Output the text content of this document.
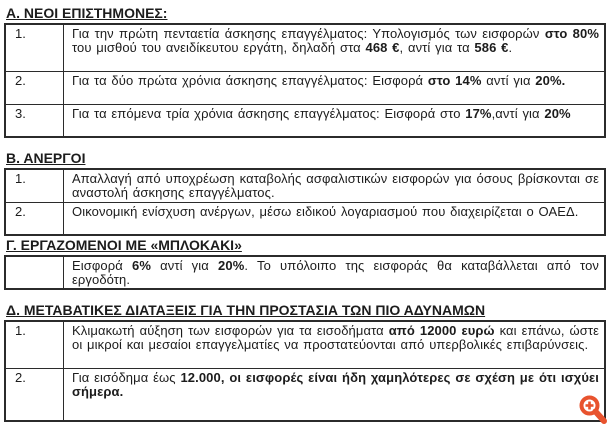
Α. ΝΕΟΙ ΕΠΙΣΤΗΜΟΝΕΣ:
1.	Για την πρώτη πενταετία άσκησης επαγγέλματος: Υπολογισμός των εισφορών στο 80% του μισθού του ανειδίκευτου εργάτη, δηλαδή στα 468 €, αντί για τα 586 €.
2.	Για τα δύο πρώτα χρόνια άσκησης επαγγέλματος: Εισφορά στο 14% αντί για 20%.
3.	Για τα επόμενα τρία χρόνια άσκησης επαγγέλματος: Εισφορά στο 17%,αντί για 20%
Β. ΑΝΕΡΓΟΙ
1.	Απαλλαγή από υποχρέωση καταβολής ασφαλιστικών εισφορών για όσους βρίσκονται σε αναστολή άσκησης επαγγέλματος.
2.	Οικονομική ενίσχυση ανέργων, μέσω ειδικού λογαριασμού που διαχειρίζεται ο ΟΑΕΔ.
Γ. ΕΡΓΑΖΟΜΕΝΟΙ ΜΕ «ΜΠΛΟΚΑΚΙ»
	Εισφορά 6% αντί για 20%. Το υπόλοιπο της εισφοράς θα καταβάλλεται από τον εργοδότη.
Δ. ΜΕΤΑΒΑΤΙΚΕΣ ΔΙΑΤΑΞΕΙΣ ΓΙΑ ΤΗΝ ΠΡΟΣΤΑΣΙΑ ΤΩΝ ΠΙΟ ΑΔΥΝΑΜΩΝ
1.	Κλιμακωτή αύξηση των εισφορών για τα εισοδήματα από 12000 ευρώ και επάνω, ώστε οι μικροί και μεσαίοι επαγγελματίες να προστατεύονται από υπερβολικές επιβαρύνσεις.
2.	Για εισόδημα έως 12.000, οι εισφορές είναι ήδη χαμηλότερες σε σχέση με ότι ισχύει σήμερα.
